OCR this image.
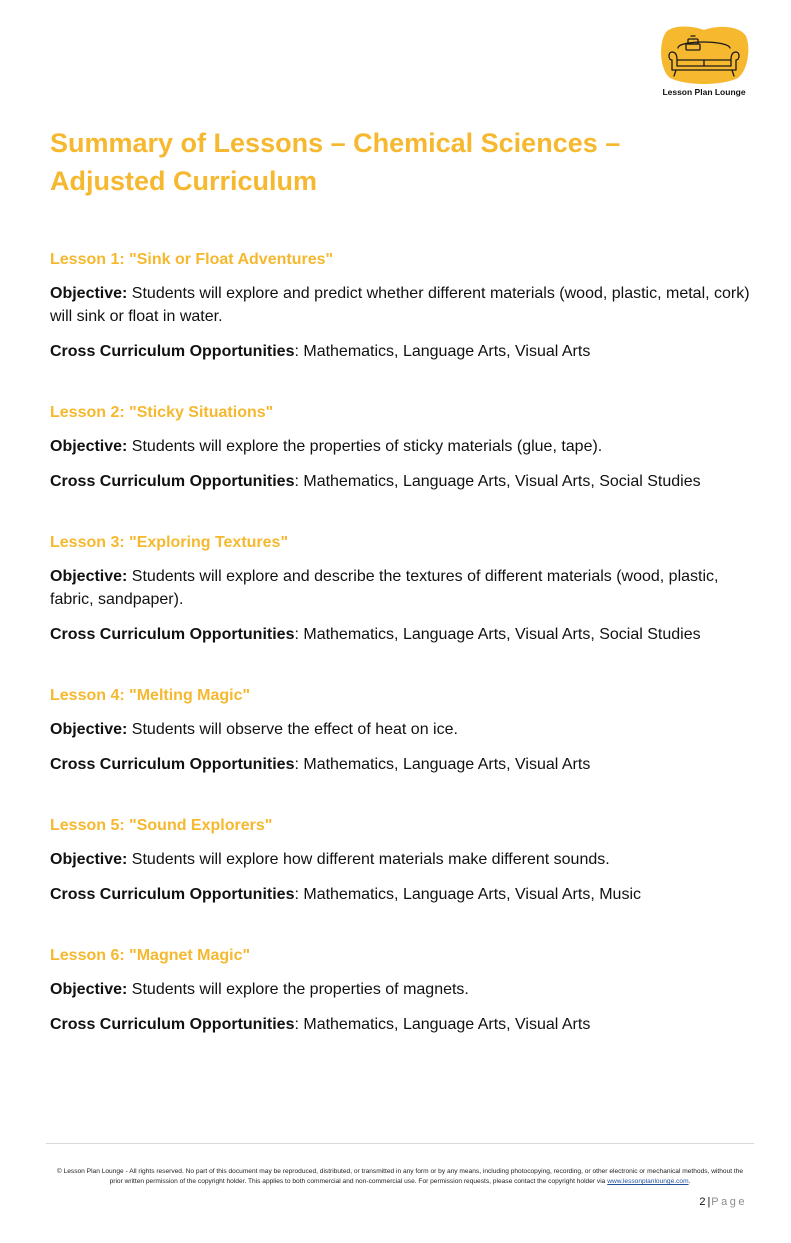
Lesson Plan Lounge
Summary of Lessons – Chemical Sciences – Adjusted Curriculum
Lesson 1: "Sink or Float Adventures"

Objective: Students will explore and predict whether different materials (wood, plastic, metal, cork) will sink or float in water.

Cross Curriculum Opportunities: Mathematics, Language Arts, Visual Arts

Lesson 2: "Sticky Situations"

Objective: Students will explore the properties of sticky materials (glue, tape).

Cross Curriculum Opportunities: Mathematics, Language Arts, Visual Arts, Social Studies

Lesson 3: "Exploring Textures"

Objective: Students will explore and describe the textures of different materials (wood, plastic, fabric, sandpaper).

Cross Curriculum Opportunities: Mathematics, Language Arts, Visual Arts, Social Studies

Lesson 4: "Melting Magic"

Objective: Students will observe the effect of heat on ice.

Cross Curriculum Opportunities: Mathematics, Language Arts, Visual Arts

Lesson 5: "Sound Explorers"

Objective: Students will explore how different materials make different sounds.

Cross Curriculum Opportunities: Mathematics, Language Arts, Visual Arts, Music

Lesson 6: "Magnet Magic"

Objective: Students will explore the properties of magnets.

Cross Curriculum Opportunities: Mathematics, Language Arts, Visual Arts

© Lesson Plan Lounge - All rights reserved. No part of this document may be reproduced, distributed, or transmitted in any form or by any means, including photocopying, recording, or other electronic or mechanical methods, without the prior written permission of the copyright holder. This applies to both commercial and non-commercial use. For permission requests, please contact the copyright holder via www.lessonplanlounge.com.
2 |Page
